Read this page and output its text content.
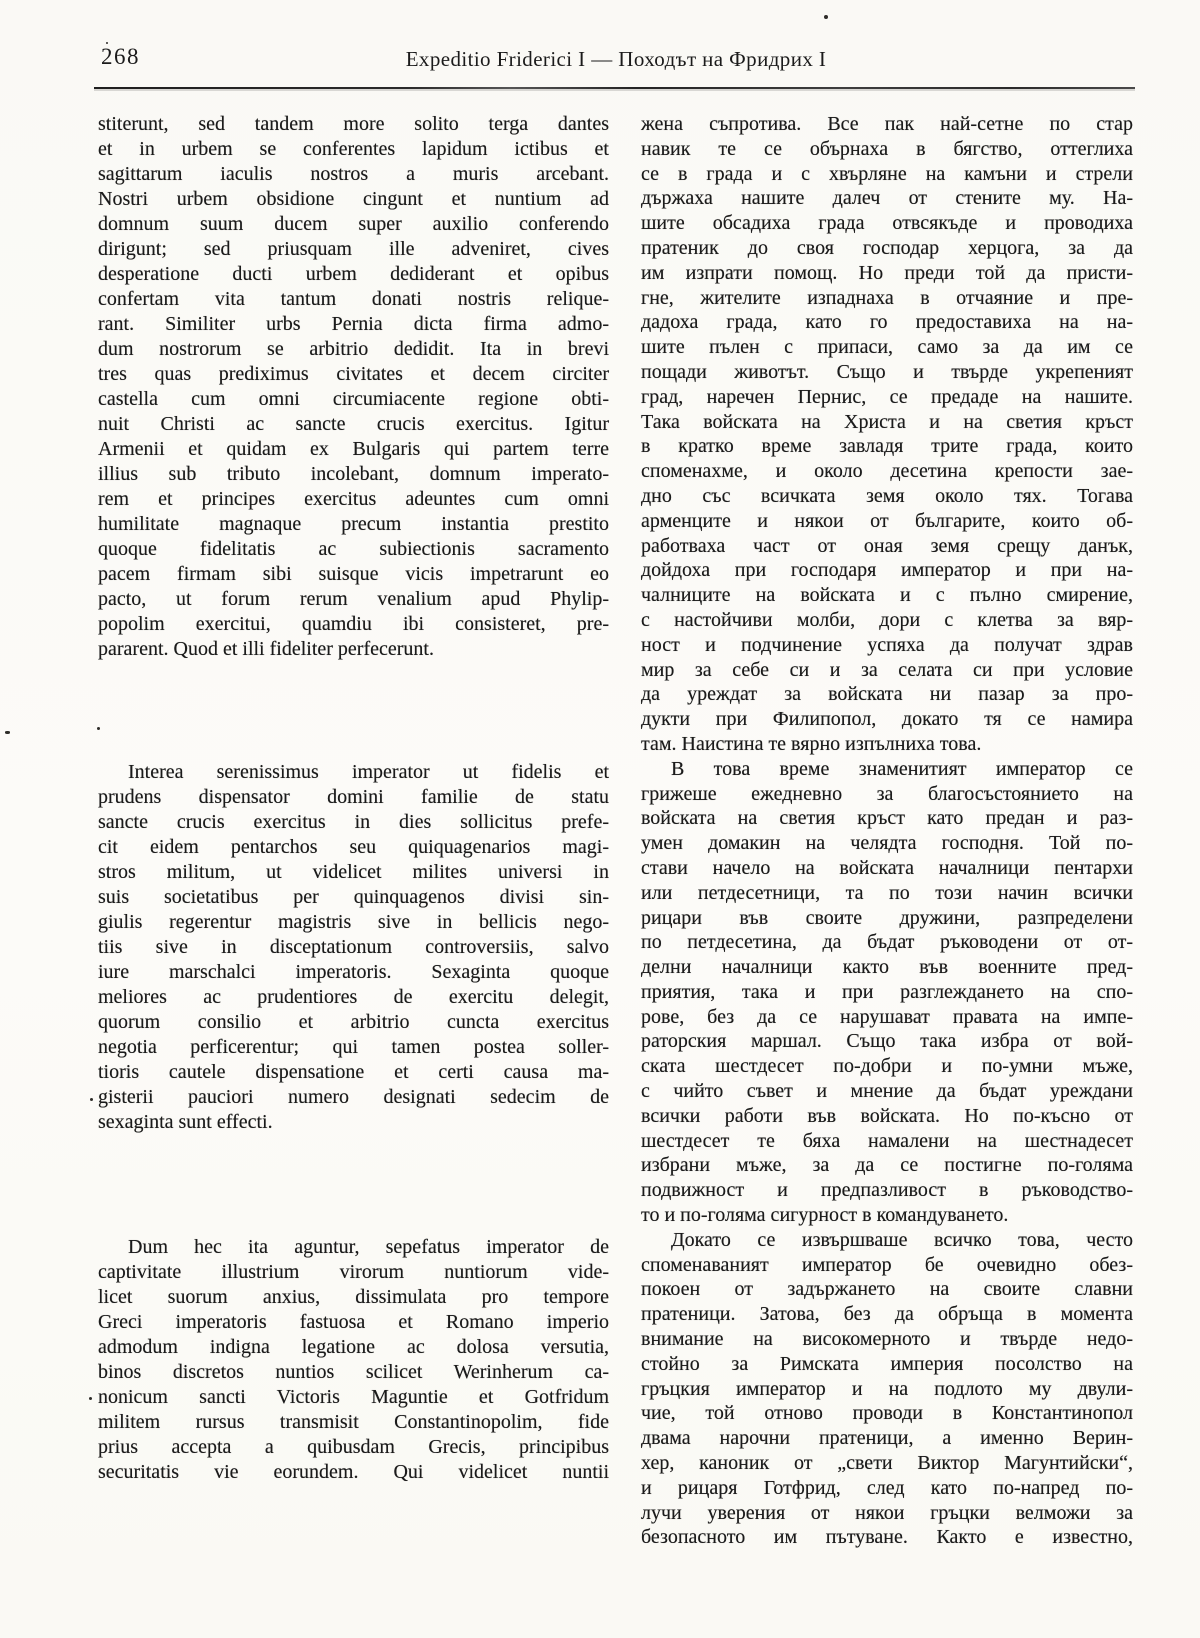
268	Expeditio Friderici I — Походът на Фридрих I
stiterunt, sed tandem more solito terga dantes
et in urbem se conferentes lapidum ictibus et
sagittarum iaculis nostros a muris arcebant.
Nostri urbem obsidione cingunt et nuntium ad
domnum suum ducem super auxilio conferendo
dirigunt; sed priusquam ille adveniret, cives
desperatione ducti urbem dediderant et opibus
confertam vita tantum donati nostris relique-
rant. Similiter urbs Pernia dicta firma admo-
dum nostrorum se arbitrio dedidit. Ita in brevi
tres quas prediximus civitates et decem circiter
castella cum omni circumiacente regione obti-
nuit Christi ac sancte crucis exercitus. Igitur
Armenii et quidam ex Bulgaris qui partem terre
illius sub tributo incolebant, domnum imperato-
rem et principes exercitus adeuntes cum omni
humilitate magnaque precum instantia prestito
quoque fidelitatis ac subiectionis sacramento
pacem firmam sibi suisque vicis impetrarunt eo
pacto, ut forum rerum venalium apud Phylip-
popolim exercitui, quamdiu ibi consisteret, pre-
pararent. Quod et illi fideliter perfecerunt.
Interea serenissimus imperator ut fidelis et
prudens dispensator domini familie de statu
sancte crucis exercitus in dies sollicitus prefe-
cit eidem pentarchos seu quiquagenarios magi-
stros militum, ut videlicet milites universi in
suis societatibus per quinquagenos divisi sin-
giulis regerentur magistris sive in bellicis nego-
tiis sive in disceptationum controversiis, salvo
iure marschalci imperatoris. Sexaginta quoque
meliores ac prudentiores de exercitu delegit,
quorum consilio et arbitrio cuncta exercitus
negotia perficerentur; qui tamen postea soller-
tioris cautele dispensatione et certi causa ma-
gisterii pauciori numero designati sedecim de
sexaginta sunt effecti.
Dum hec ita aguntur, sepefatus imperator de
captivitate illustrium virorum nuntiorum vide-
licet suorum anxius, dissimulata pro tempore
Greci imperatoris fastuosa et Romano imperio
admodum indigna legatione ac dolosa versutia,
binos discretos nuntios scilicet Werinherum ca-
nonicum sancti Victoris Maguntie et Gotfridum
militem rursus transmisit Constantinopolim, fide
prius accepta a quibusdam Grecis, principibus
securitatis vie eorundem. Qui videlicet nuntii
жена съпротива. Все пак най-сетне по стар
навик те се обърнаха в бягство, оттеглиха
се в града и с хвърляне на камъни и стрели
държаха нашите далеч от стените му. На-
шите обсадиха града отвсякъде и проводиха
пратеник до своя господар херцога, за да
им изпрати помощ. Но преди той да присти-
гне, жителите изпаднаха в отчаяние и пре-
дадоха града, като го предоставиха на на-
шите пълен с припаси, само за да им се
пощади животът. Също и твърде укрепеният
град, наречен Пернис, се предаде на нашите.
Така войската на Христа и на светия кръст
в кратко време завладя трите града, които
споменахме, и около десетина крепости зае-
дно със всичката земя около тях. Тогава
арменците и някои от българите, които об-
работваха част от оная земя срещу данък,
дойдоха при господаря император и при на-
чалниците на войската и с пълно смирение,
с настойчиви молби, дори с клетва за вяр-
ност и подчинение успяха да получат здрав
мир за себе си и за селата си при условие
да уреждат за войската ни пазар за про-
дукти при Филипопол, докато тя се намира
там. Наистина те вярно изпълниха това.
В това време знаменитият император се
грижеше ежедневно за благосъстоянието на
войската на светия кръст като предан и раз-
умен домакин на челядта господня. Той по-
стави начело на войската началници пентархи
или петдесетници, та по този начин всички
рицари във своите дружини, разпределени
по петдесетина, да бъдат ръководени от от-
делни началници както във военните пред-
приятия, така и при разглеждането на спо-
рове, без да се нарушават правата на импе-
раторския маршал. Също така избра от вой-
ската шестдесет по-добри и по-умни мъже,
с чийто съвет и мнение да бъдат уреждани
всички работи във войската. Но по-късно от
шестдесет те бяха намалени на шестнадесет
избрани мъже, за да се постигне по-голяма
подвижност и предпазливост в ръководство-
то и по-голяма сигурност в командуването.
Докато се извършваше всичко това, често
споменаваният император бе очевидно обез-
покоен от задържането на своите славни
пратеници. Затова, без да обръща в момента
внимание на високомерното и твърде недо-
стойно за Римската империя посолство на
гръцкия император и на подлото му двули-
чие, той отново проводи в Константинопол
двама нарочни пратеници, а именно Верин-
хер, каноник от „свети Виктор Магунтийски“,
и рицаря Готфрид, след като по-напред по-
лучи уверения от някои гръцки велможи за
безопасното им пътуване. Както е известно,
